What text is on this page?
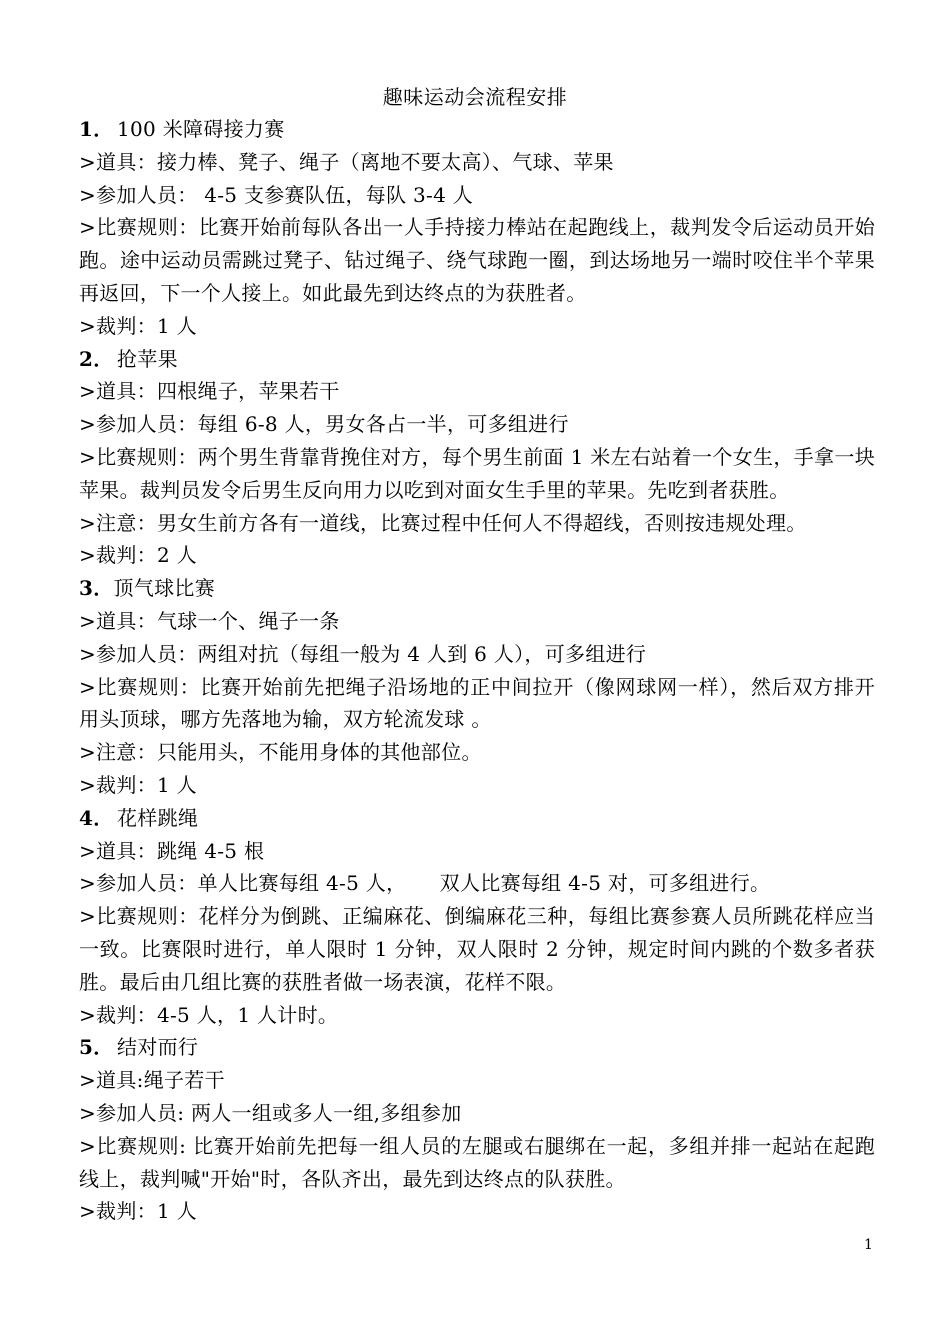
趣味运动会流程安排
1． 100 米障碍接力赛
>道具：接力棒、凳子、绳子（离地不要太高）、气球、苹果
>参加人员： 4-5 支参赛队伍，每队 3-4 人
>比赛规则：比赛开始前每队各出一人手持接力棒站在起跑线上，裁判发令后运动员开始跑。途中运动员需跳过凳子、钻过绳子、绕气球跑一圈，到达场地另一端时咬住半个苹果再返回，下一个人接上。如此最先到达终点的为获胜者。
>裁判：1 人
2． 抢苹果
>道具：四根绳子，苹果若干
>参加人员：每组 6-8 人，男女各占一半，可多组进行
>比赛规则：两个男生背靠背挽住对方，每个男生前面 1 米左右站着一个女生，手拿一块苹果。裁判员发令后男生反向用力以吃到对面女生手里的苹果。先吃到者获胜。
>注意：男女生前方各有一道线，比赛过程中任何人不得超线，否则按违规处理。
>裁判：2 人
3．顶气球比赛
>道具：气球一个、绳子一条
>参加人员：两组对抗（每组一般为 4 人到 6 人），可多组进行
>比赛规则：比赛开始前先把绳子沿场地的正中间拉开（像网球网一样），然后双方排开用头顶球，哪方先落地为输，双方轮流发球 。
>注意：只能用头，不能用身体的其他部位。
>裁判：1 人
4． 花样跳绳
>道具：跳绳 4-5 根
>参加人员：单人比赛每组 4-5 人，     双人比赛每组 4-5 对，可多组进行。
>比赛规则：花样分为倒跳、正编麻花、倒编麻花三种，每组比赛参赛人员所跳花样应当一致。比赛限时进行，单人限时 1 分钟，双人限时 2 分钟，规定时间内跳的个数多者获胜。最后由几组比赛的获胜者做一场表演，花样不限。
>裁判：4-5 人，1 人计时。
5． 结对而行
>道具:绳子若干
>参加人员: 两人一组或多人一组,多组参加
>比赛规则: 比赛开始前先把每一组人员的左腿或右腿绑在一起，多组并排一起站在起跑线上，裁判喊"开始"时，各队齐出，最先到达终点的队获胜。
>裁判：1 人
1
